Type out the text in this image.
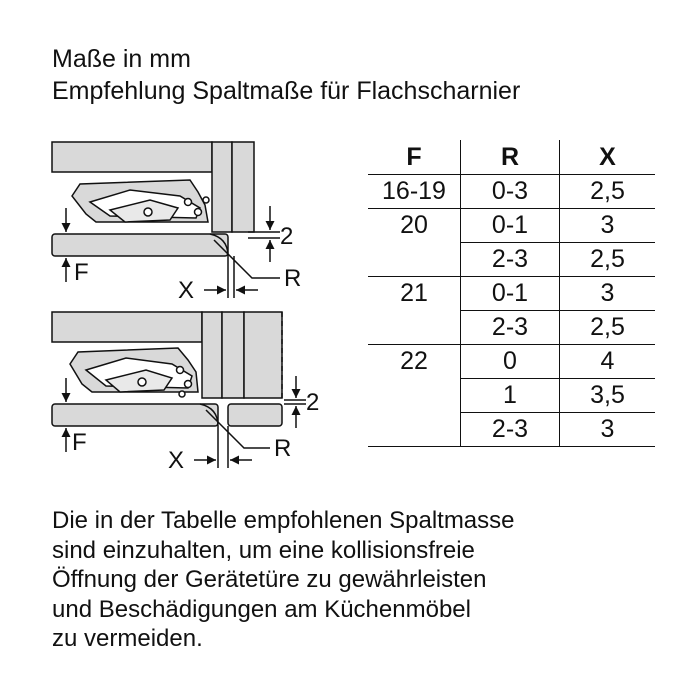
Maße in mm
Empfehlung Spaltmaße für Flachscharnier
F
2
X	R
F
2
X	R
F	R	X
16-19	0-3	2,5
20	0-1	3
	2-3	2,5
21	0-1	3
	2-3	2,5
22	0	4
	1	3,5
	2-3	3
Die in der Tabelle empfohlenen Spaltmasse
sind einzuhalten, um eine kollisionsfreie
Öffnung der Gerätetüre zu gewährleisten
und Beschädigungen am Küchenmöbel
zu vermeiden.
